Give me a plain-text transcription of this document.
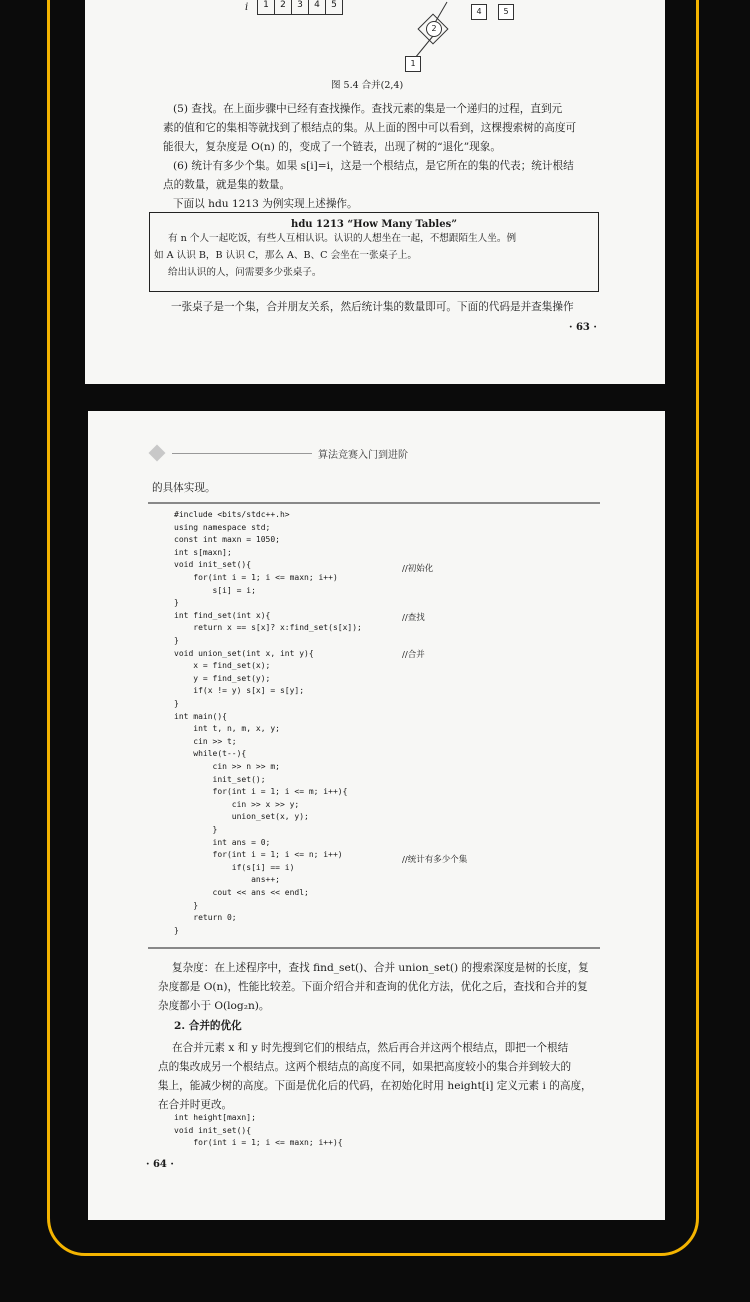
i	1	2	3	4	5
2
1
4	5
图 5.4 合并(2,4)
(5) 查找。在上面步骤中已经有查找操作。查找元素的集是一个递归的过程，直到元
素的值和它的集相等就找到了根结点的集。从上面的图中可以看到，这棵搜索树的高度可
能很大，复杂度是 O(n) 的，变成了一个链表，出现了树的“退化”现象。
(6) 统计有多少个集。如果 s[i]=i，这是一个根结点，是它所在的集的代表；统计根结
点的数量，就是集的数量。
下面以 hdu 1213 为例实现上述操作。
hdu 1213 “How Many Tables”
有 n 个人一起吃饭，有些人互相认识。认识的人想坐在一起，不想跟陌生人坐。例
如 A 认识 B，B 认识 C，那么 A、B、C 会坐在一张桌子上。
给出认识的人，问需要多少张桌子。
一张桌子是一个集，合并朋友关系，然后统计集的数量即可。下面的代码是并查集操作
· 63 ·
算法竞赛入门到进阶
的具体实现。
#include <bits/stdc++.h>
using namespace std;
const int maxn = 1050;
int s[maxn];
void init_set(){
for(int i = 1; i <= maxn; i++)
s[i] = i;
}
int find_set(int x){
return x == s[x]? x:find_set(s[x]);
}
void union_set(int x, int y){
x = find_set(x);
y = find_set(y);
if(x != y) s[x] = s[y];
}
int main(){
int t, n, m, x, y;
cin >> t;
while(t--){
cin >> n >> m;
init_set();
for(int i = 1; i <= m; i++){
cin >> x >> y;
union_set(x, y);
}
int ans = 0;
for(int i = 1; i <= n; i++)
if(s[i] == i)
ans++;
cout << ans << endl;
}
return 0;
}
//初始化
//查找
//合并
//统计有多少个集
复杂度：在上述程序中，查找 find_set()、合并 union_set() 的搜索深度是树的长度，复
杂度都是 O(n)，性能比较差。下面介绍合并和查询的优化方法，优化之后，查找和合并的复
杂度都小于 O(log₂n)。
2. 合并的优化
在合并元素 x 和 y 时先搜到它们的根结点，然后再合并这两个根结点，即把一个根结
点的集改成另一个根结点。这两个根结点的高度不同，如果把高度较小的集合并到较大的
集上，能减少树的高度。下面是优化后的代码，在初始化时用 height[i] 定义元素 i 的高度，
在合并时更改。
int height[maxn];
void init_set(){
for(int i = 1; i <= maxn; i++){
· 64 ·
